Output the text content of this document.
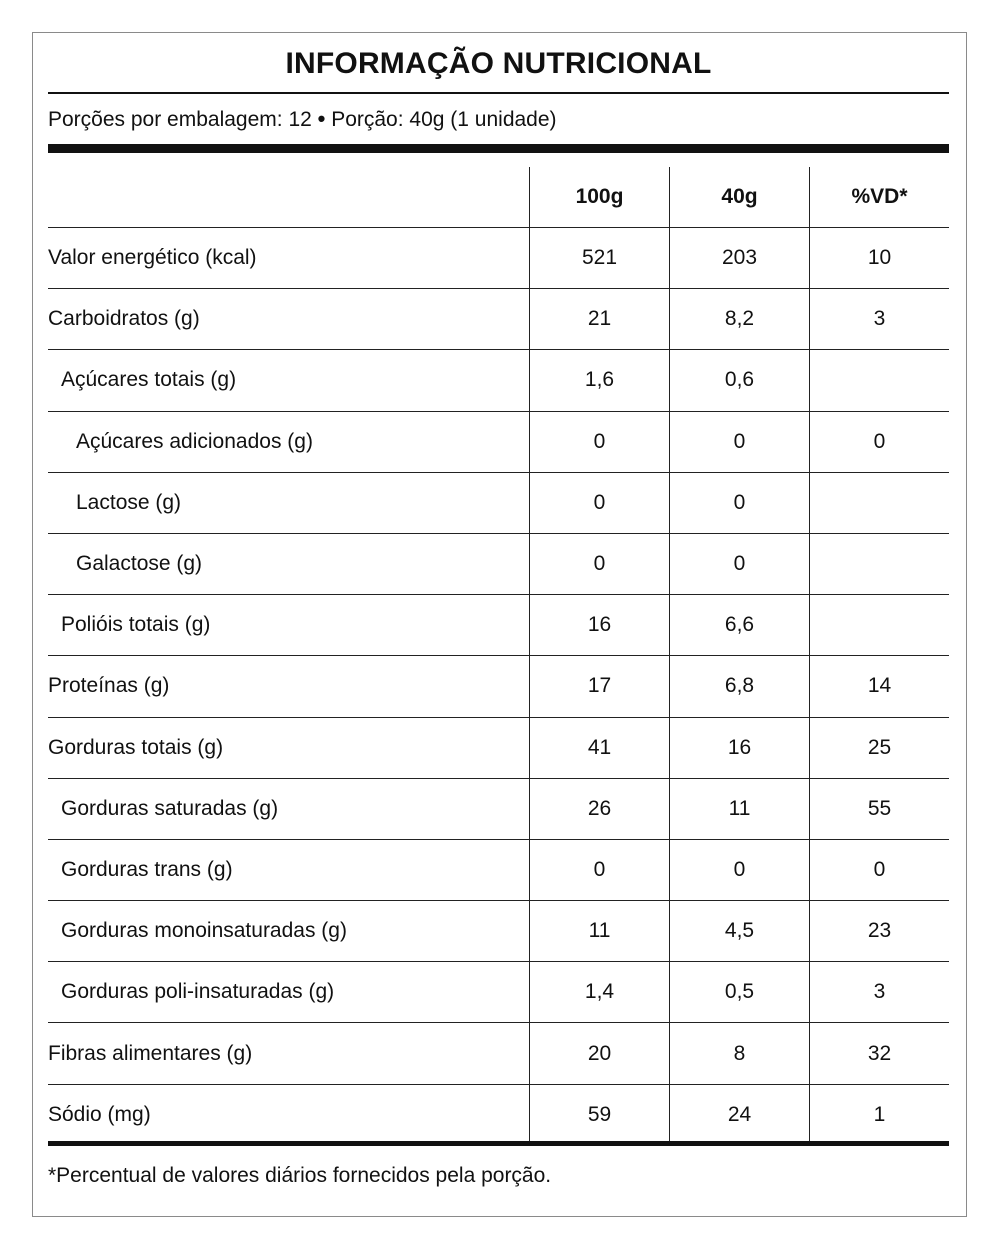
INFORMAÇÃO NUTRICIONAL
Porções por embalagem: 12 • Porção: 40g (1 unidade)
100g	40g	%VD*
Valor energético (kcal)	521	203	10
Carboidratos (g)	21	8,2	3
Açúcares totais (g)	1,6	0,6
Açúcares adicionados (g)	0	0	0
Lactose (g)	0	0
Galactose (g)	0	0
Polióis totais (g)	16	6,6
Proteínas (g)	17	6,8	14
Gorduras totais (g)	41	16	25
Gorduras saturadas (g)	26	11	55
Gorduras trans (g)	0	0	0
Gorduras monoinsaturadas (g)	11	4,5	23
Gorduras poli-insaturadas (g)	1,4	0,5	3
Fibras alimentares (g)	20	8	32
Sódio (mg)	59	24	1
*Percentual de valores diários fornecidos pela porção.
